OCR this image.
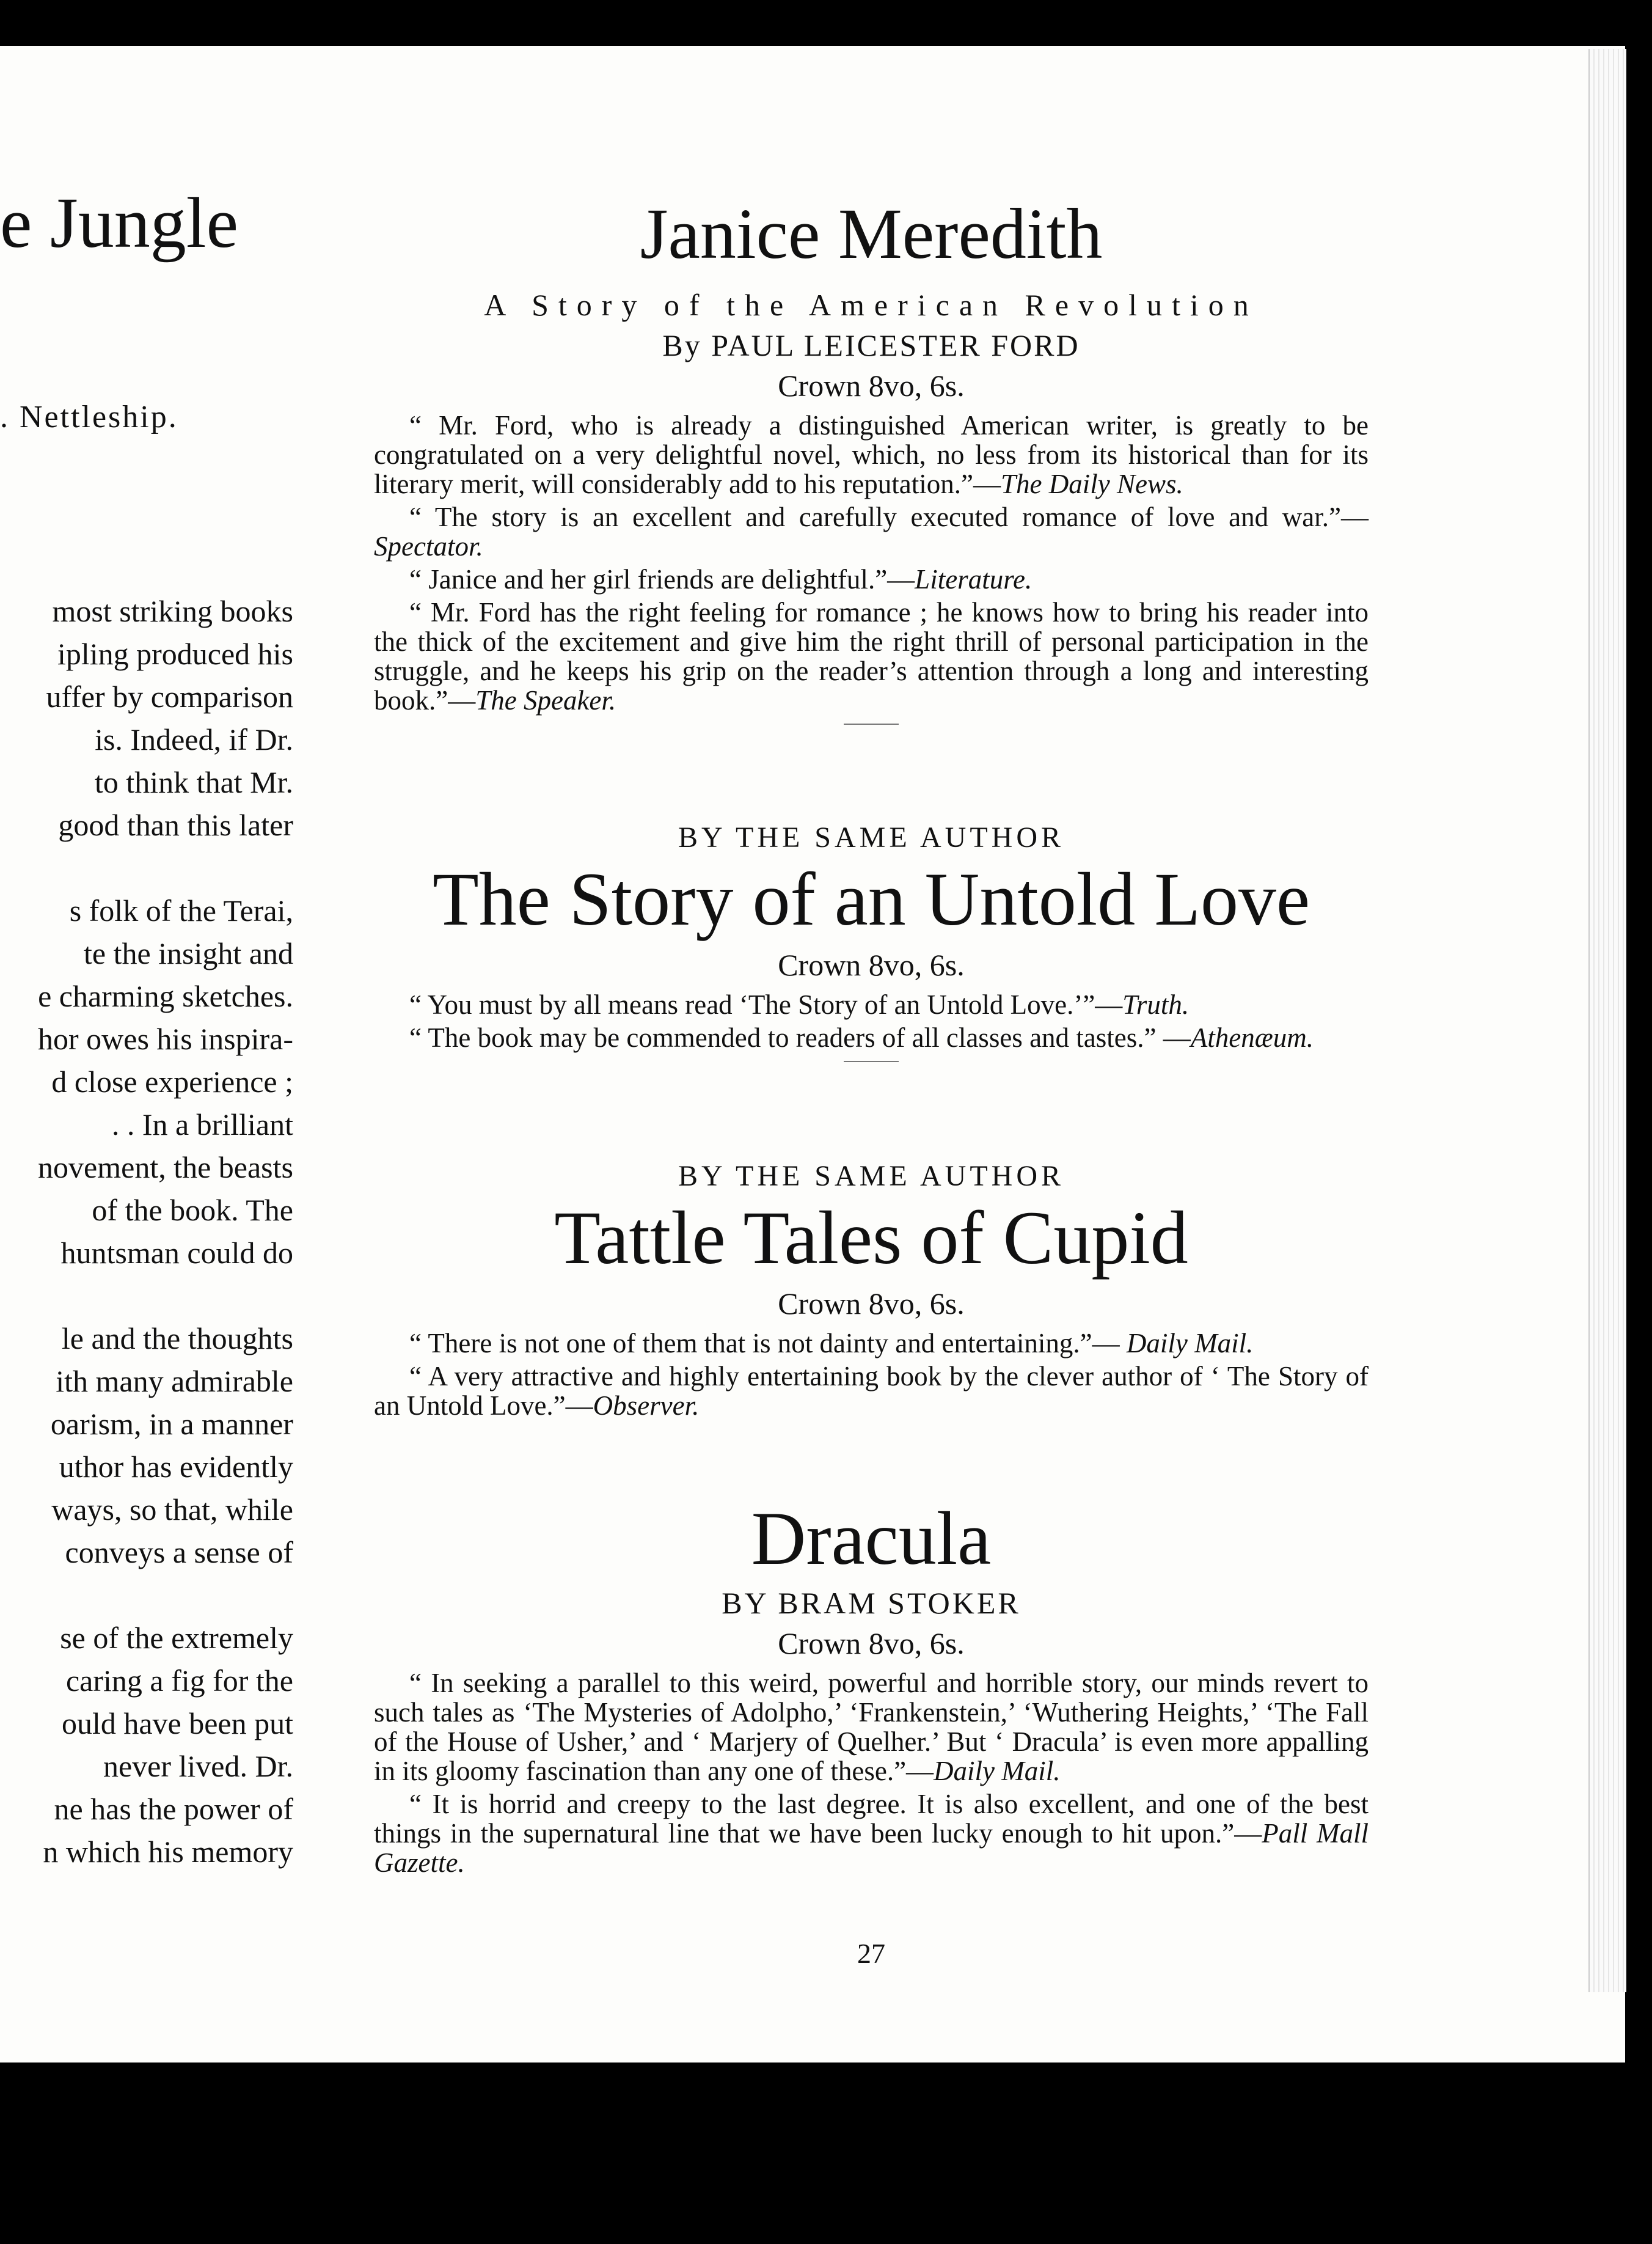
e Jungle
. Nettleship.
most striking books
ipling produced his
uffer by comparison
is. Indeed, if Dr.
to think that Mr.
good than this later
s folk of the Terai,
te the insight and
e charming sketches.
hor owes his inspira-
d close experience ;
. . In a brilliant
novement, the beasts
of the book. The
huntsman could do
le and the thoughts
ith many admirable
oarism, in a manner
uthor has evidently
ways, so that, while
conveys a sense of
se of the extremely
caring a fig for the
ould have been put
never lived. Dr.
ne has the power of
n which his memory
Janice Meredith
A Story of the American Revolution
By PAUL LEICESTER FORD
Crown 8vo, 6s.

“ Mr. Ford, who is already a distinguished American writer, is greatly to be congratulated on a very delightful novel, which, no less from its historical than for its literary merit, will considerably add to his reputation.”—The Daily News.

“ The story is an excellent and carefully executed romance of love and war.”—Spectator.

“ Janice and her girl friends are delightful.”—Literature.

“ Mr. Ford has the right feeling for romance ; he knows how to bring his reader into the thick of the excitement and give him the right thrill of personal participation in the struggle, and he keeps his grip on the reader’s attention through a long and interesting book.”—The Speaker.

BY THE SAME AUTHOR
The Story of an Untold Love
Crown 8vo, 6s.

“ You must by all means read ‘The Story of an Untold Love.’”—Truth.

“ The book may be commended to readers of all classes and tastes.” —Athenæum.

BY THE SAME AUTHOR
Tattle Tales of Cupid
Crown 8vo, 6s.

“ There is not one of them that is not dainty and entertaining.”— Daily Mail.

“ A very attractive and highly entertaining book by the clever author of ‘ The Story of an Untold Love.”—Observer.

Dracula
BY BRAM STOKER
Crown 8vo, 6s.

“ In seeking a parallel to this weird, powerful and horrible story, our minds revert to such tales as ‘The Mysteries of Adolpho,’ ‘Frankenstein,’ ‘Wuthering Heights,’ ‘The Fall of the House of Usher,’ and ‘ Marjery of Quelher.’ But ‘ Dracula’ is even more appalling in its gloomy fascination than any one of these.”—Daily Mail.

“ It is horrid and creepy to the last degree. It is also excellent, and one of the best things in the supernatural line that we have been lucky enough to hit upon.”—Pall Mall Gazette.

27
